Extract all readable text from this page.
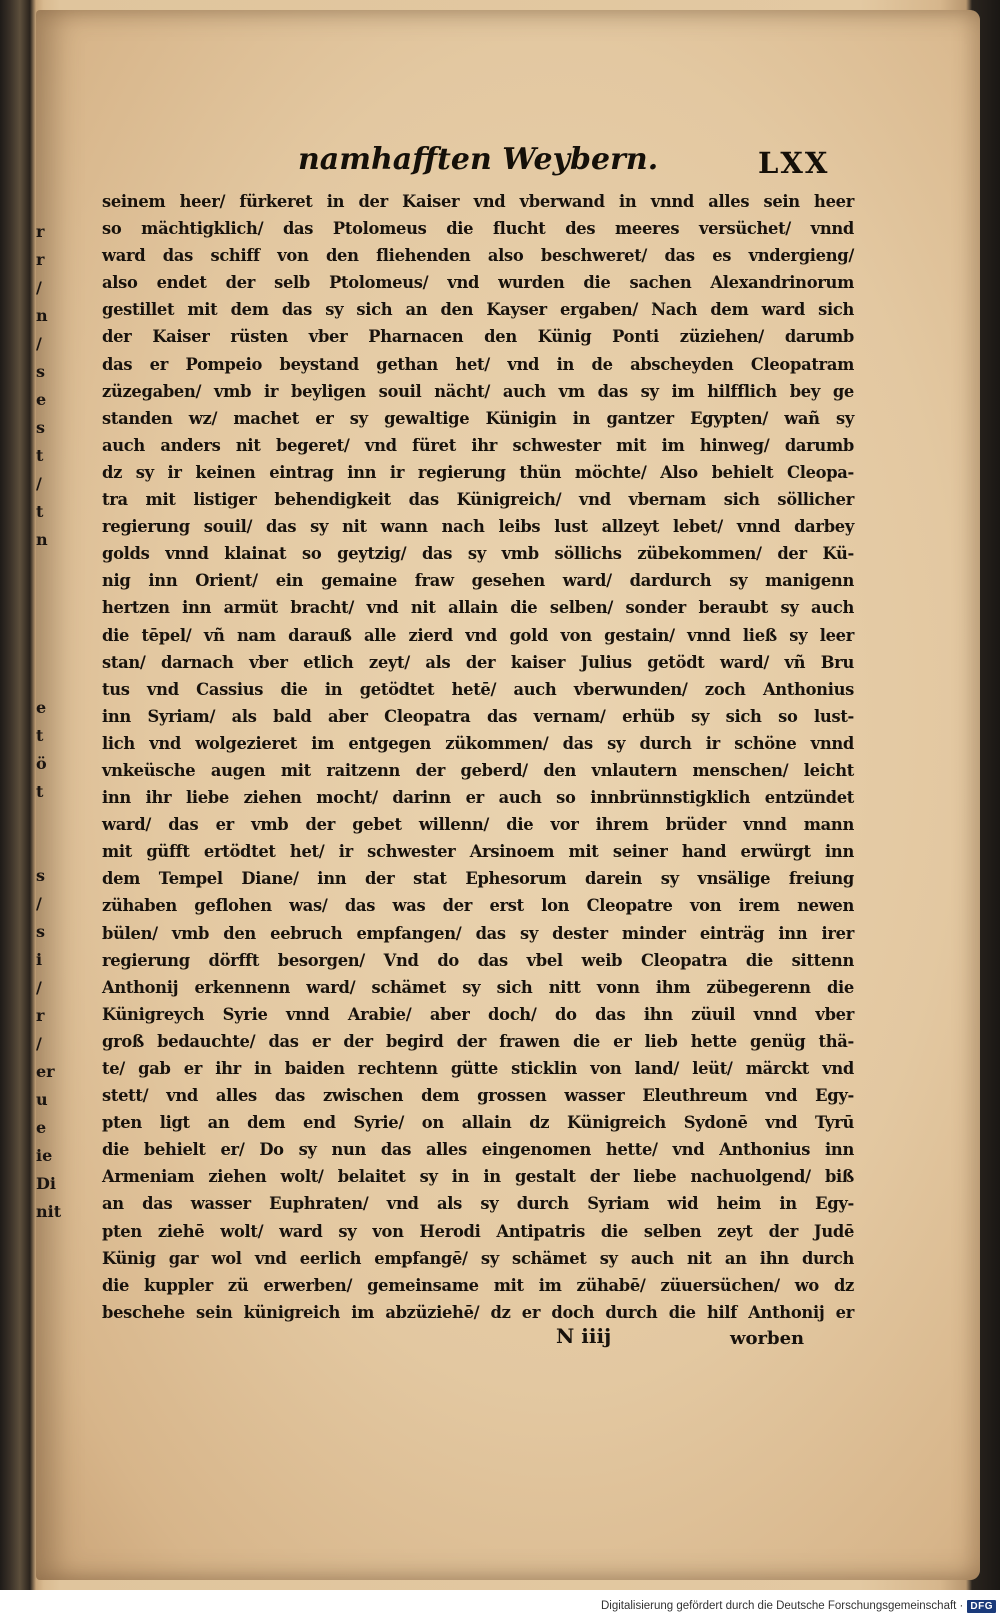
r
r
/
n
/
s
e
s
t
/
t
n
e
t
ö
t
s
/
s
i
/
r
/
er
u
e
ie
Di
nit
namhafften Weybern.	LXX
seinem heer/ fürkeret in der Kaiser vnd vberwand in vnnd alles sein heer
so mächtigklich/ das Ptolomeus die flucht des meeres versüchet/ vnnd
ward das schiff von den fliehenden also beschweret/ das es vndergieng/
also endet der selb Ptolomeus/ vnd wurden die sachen Alexandrinorum
gestillet mit dem das sy sich an den Kayser ergaben/ Nach dem ward sich
der Kaiser rüsten vber Pharnacen den Künig Ponti züziehen/ darumb
das er Pompeio beystand gethan het/ vnd in de abscheyden Cleopatram
züzegaben/ vmb ir beyligen souil nächt/ auch vm das sy im hilfflich bey ge
standen wz/ machet er sy gewaltige Künigin in gantzer Egypten/ wañ sy
auch anders nit begeret/ vnd füret ihr schwester mit im hinweg/ darumb
dz sy ir keinen eintrag inn ir regierung thün möchte/ Also behielt Cleopa-
tra mit listiger behendigkeit das Künigreich/ vnd vbernam sich söllicher
regierung souil/ das sy nit wann nach leibs lust allzeyt lebet/ vnnd darbey
golds vnnd klainat so geytzig/ das sy vmb söllichs zübekommen/ der Kü-
nig inn Orient/ ein gemaine fraw gesehen ward/ dardurch sy manigenn
hertzen inn armüt bracht/ vnd nit allain die selben/ sonder beraubt sy auch
die tēpel/ vñ nam darauß alle zierd vnd gold von gestain/ vnnd ließ sy leer
stan/ darnach vber etlich zeyt/ als der kaiser Julius getödt ward/ vñ Bru
tus vnd Cassius die in getödtet hetē/ auch vberwunden/ zoch Anthonius
inn Syriam/ als bald aber Cleopatra das vernam/ erhüb sy sich so lust-
lich vnd wolgezieret im entgegen zükommen/ das sy durch ir schöne vnnd
vnkeüsche augen mit raitzenn der geberd/ den vnlautern menschen/ leicht
inn ihr liebe ziehen mocht/ darinn er auch so innbrünnstigklich entzündet
ward/ das er vmb der gebet willenn/ die vor ihrem brüder vnnd mann
mit güfft ertödtet het/ ir schwester Arsinoem mit seiner hand erwürgt inn
dem Tempel Diane/ inn der stat Ephesorum darein sy vnsälige freiung
zühaben geflohen was/ das was der erst lon Cleopatre von irem newen
bülen/ vmb den eebruch empfangen/ das sy dester minder einträg inn irer
regierung dörfft besorgen/ Vnd do das vbel weib Cleopatra die sittenn
Anthonij erkennenn ward/ schämet sy sich nitt vonn ihm zübegerenn die
Künigreych Syrie vnnd Arabie/ aber doch/ do das ihn züuil vnnd vber
groß bedauchte/ das er der begird der frawen die er lieb hette genüg thä-
te/ gab er ihr in baiden rechtenn gütte sticklin von land/ leüt/ märckt vnd
stett/ vnd alles das zwischen dem grossen wasser Eleuthreum vnd Egy-
pten ligt an dem end Syrie/ on allain dz Künigreich Sydonē vnd Tyrū
die behielt er/ Do sy nun das alles eingenomen hette/ vnd Anthonius inn
Armeniam ziehen wolt/ belaitet sy in in gestalt der liebe nachuolgend/ biß
an das wasser Euphraten/ vnd als sy durch Syriam wid heim in Egy-
pten ziehē wolt/ ward sy von Herodi Antipatris die selben zeyt der Judē
Künig gar wol vnd eerlich empfangē/ sy schämet sy auch nit an ihn durch
die kuppler zü erwerben/ gemeinsame mit im zühabē/ züuersüchen/ wo dz
beschehe sein künigreich im abzüziehē/ dz er doch durch die hilf Anthonij er
N iiij	worben
Digitalisierung gefördert durch die Deutsche Forschungsgemeinschaft · DFG
